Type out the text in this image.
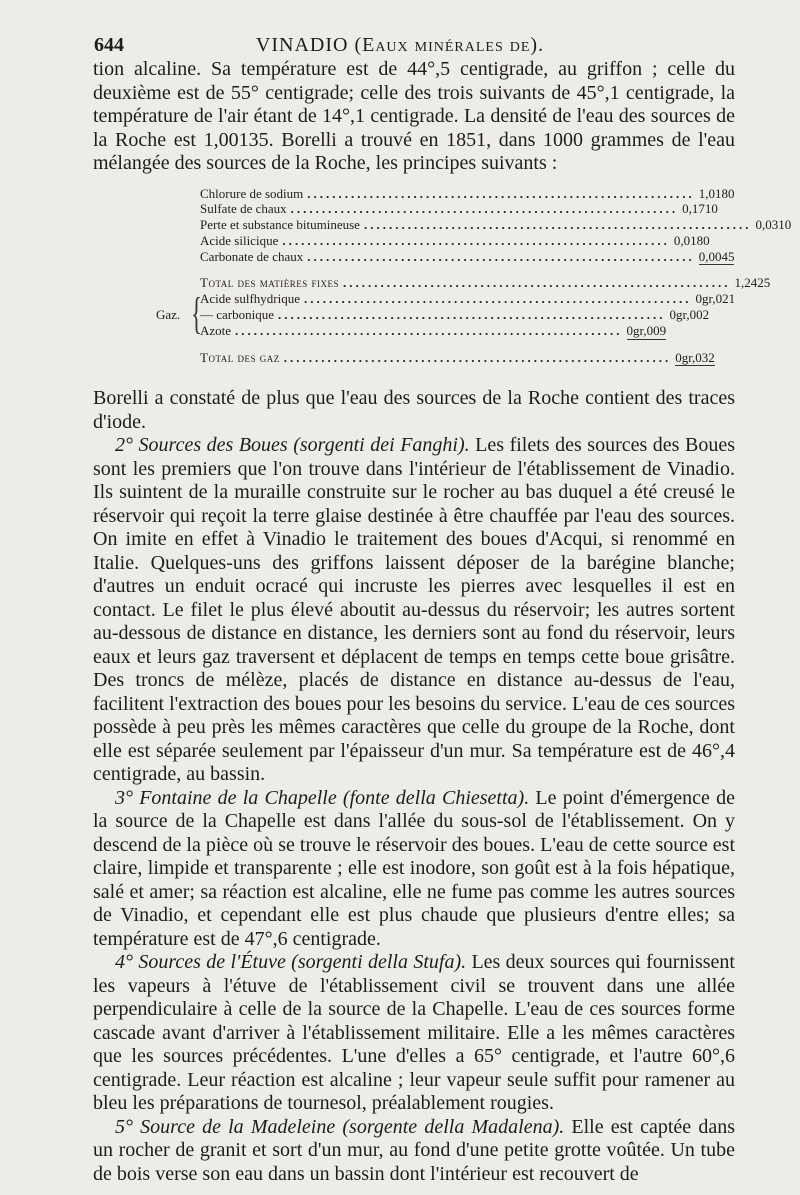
644	VINADIO (Eaux minérales de).

tion alcaline. Sa température est de 44°,5 centigrade, au griffon ; celle du deuxième est de 55° centigrade; celle des trois suivants de 45°,1 centigrade, la température de l'air étant de 14°,1 centigrade. La densité de l'eau des sources de la Roche est 1,00135. Borelli a trouvé en 1851, dans 1000 grammes de l'eau mélangée des sources de la Roche, les principes suivants :

Chlorure de sodium .............................................................. 1,0180
Sulfate de chaux .............................................................. 0,1710
Perte et substance bitumineuse .............................................................. 0,0310
Acide silicique .............................................................. 0,0180
Carbonate de chaux .............................................................. 0,0045
Total des matières fixes .............................................................. 1,2425
Gaz. {
Acide sulfhydrique .............................................................. 0gr,021
— carbonique .............................................................. 0gr,002
Azote .............................................................. 0gr,009
Total des gaz .............................................................. 0gr,032

Borelli a constaté de plus que l'eau des sources de la Roche contient des traces d'iode.

2° Sources des Boues (sorgenti dei Fanghi). Les filets des sources des Boues sont les premiers que l'on trouve dans l'intérieur de l'établissement de Vinadio. Ils suintent de la muraille construite sur le rocher au bas duquel a été creusé le réservoir qui reçoit la terre glaise destinée à être chauffée par l'eau des sources. On imite en effet à Vinadio le traitement des boues d'Acqui, si renommé en Italie. Quelques-uns des griffons laissent déposer de la barégine blanche; d'autres un enduit ocracé qui incruste les pierres avec lesquelles il est en contact. Le filet le plus élevé aboutit au-dessus du réservoir; les autres sortent au-dessous de distance en distance, les derniers sont au fond du réservoir, leurs eaux et leurs gaz traversent et déplacent de temps en temps cette boue grisâtre. Des troncs de mélèze, placés de distance en distance au-dessus de l'eau, facilitent l'extraction des boues pour les besoins du service. L'eau de ces sources possède à peu près les mêmes caractères que celle du groupe de la Roche, dont elle est séparée seulement par l'épaisseur d'un mur. Sa température est de 46°,4 centigrade, au bassin.

3° Fontaine de la Chapelle (fonte della Chiesetta). Le point d'émergence de la source de la Chapelle est dans l'allée du sous-sol de l'établissement. On y descend de la pièce où se trouve le réservoir des boues. L'eau de cette source est claire, limpide et transparente ; elle est inodore, son goût est à la fois hépatique, salé et amer; sa réaction est alcaline, elle ne fume pas comme les autres sources de Vinadio, et cependant elle est plus chaude que plusieurs d'entre elles; sa température est de 47°,6 centigrade.

4° Sources de l'Étuve (sorgenti della Stufa). Les deux sources qui fournissent les vapeurs à l'étuve de l'établissement civil se trouvent dans une allée perpendiculaire à celle de la source de la Chapelle. L'eau de ces sources forme cascade avant d'arriver à l'établissement militaire. Elle a les mêmes caractères que les sources précédentes. L'une d'elles a 65° centigrade, et l'autre 60°,6 centigrade. Leur réaction est alcaline ; leur vapeur seule suffit pour ramener au bleu les préparations de tournesol, préalablement rougies.

5° Source de la Madeleine (sorgente della Madalena). Elle est captée dans un rocher de granit et sort d'un mur, au fond d'une petite grotte voûtée. Un tube de bois verse son eau dans un bassin dont l'intérieur est recouvert de
